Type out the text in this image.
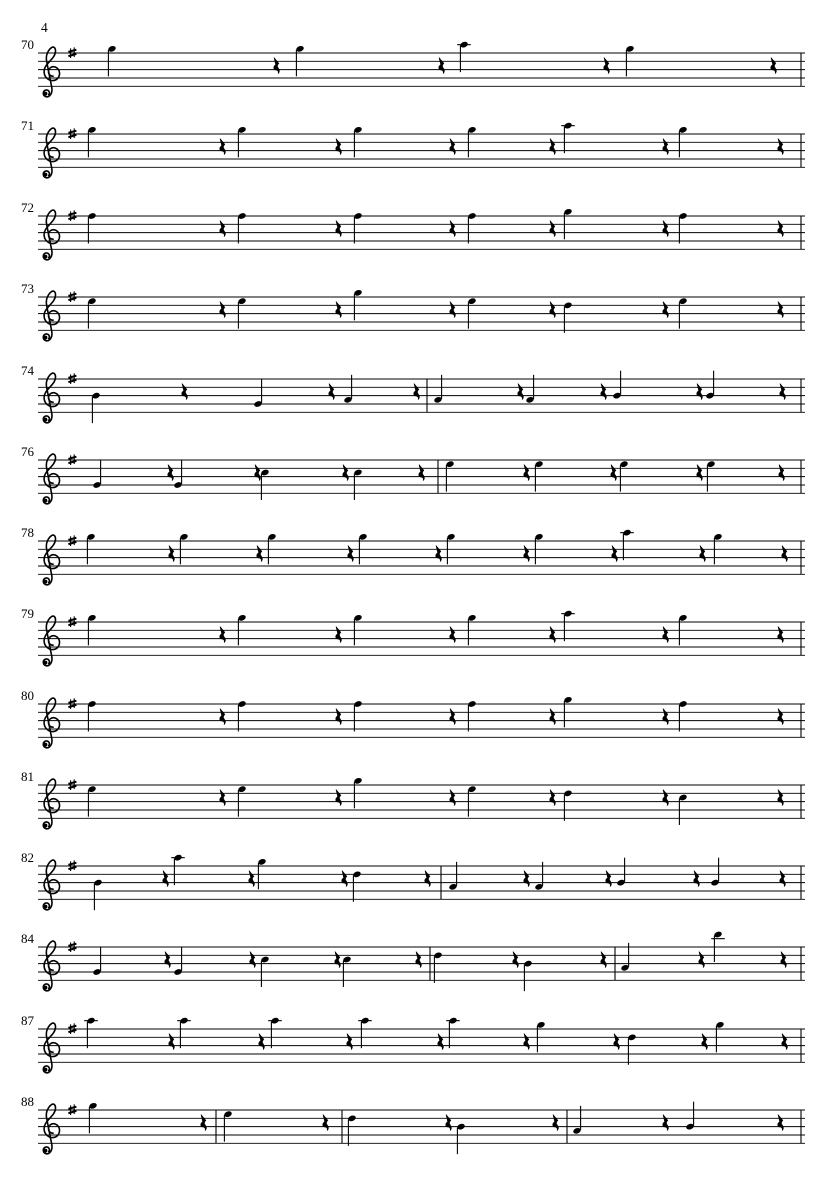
4
70
71
72
73
74
76
78
79
80
81
82
84
87
88
